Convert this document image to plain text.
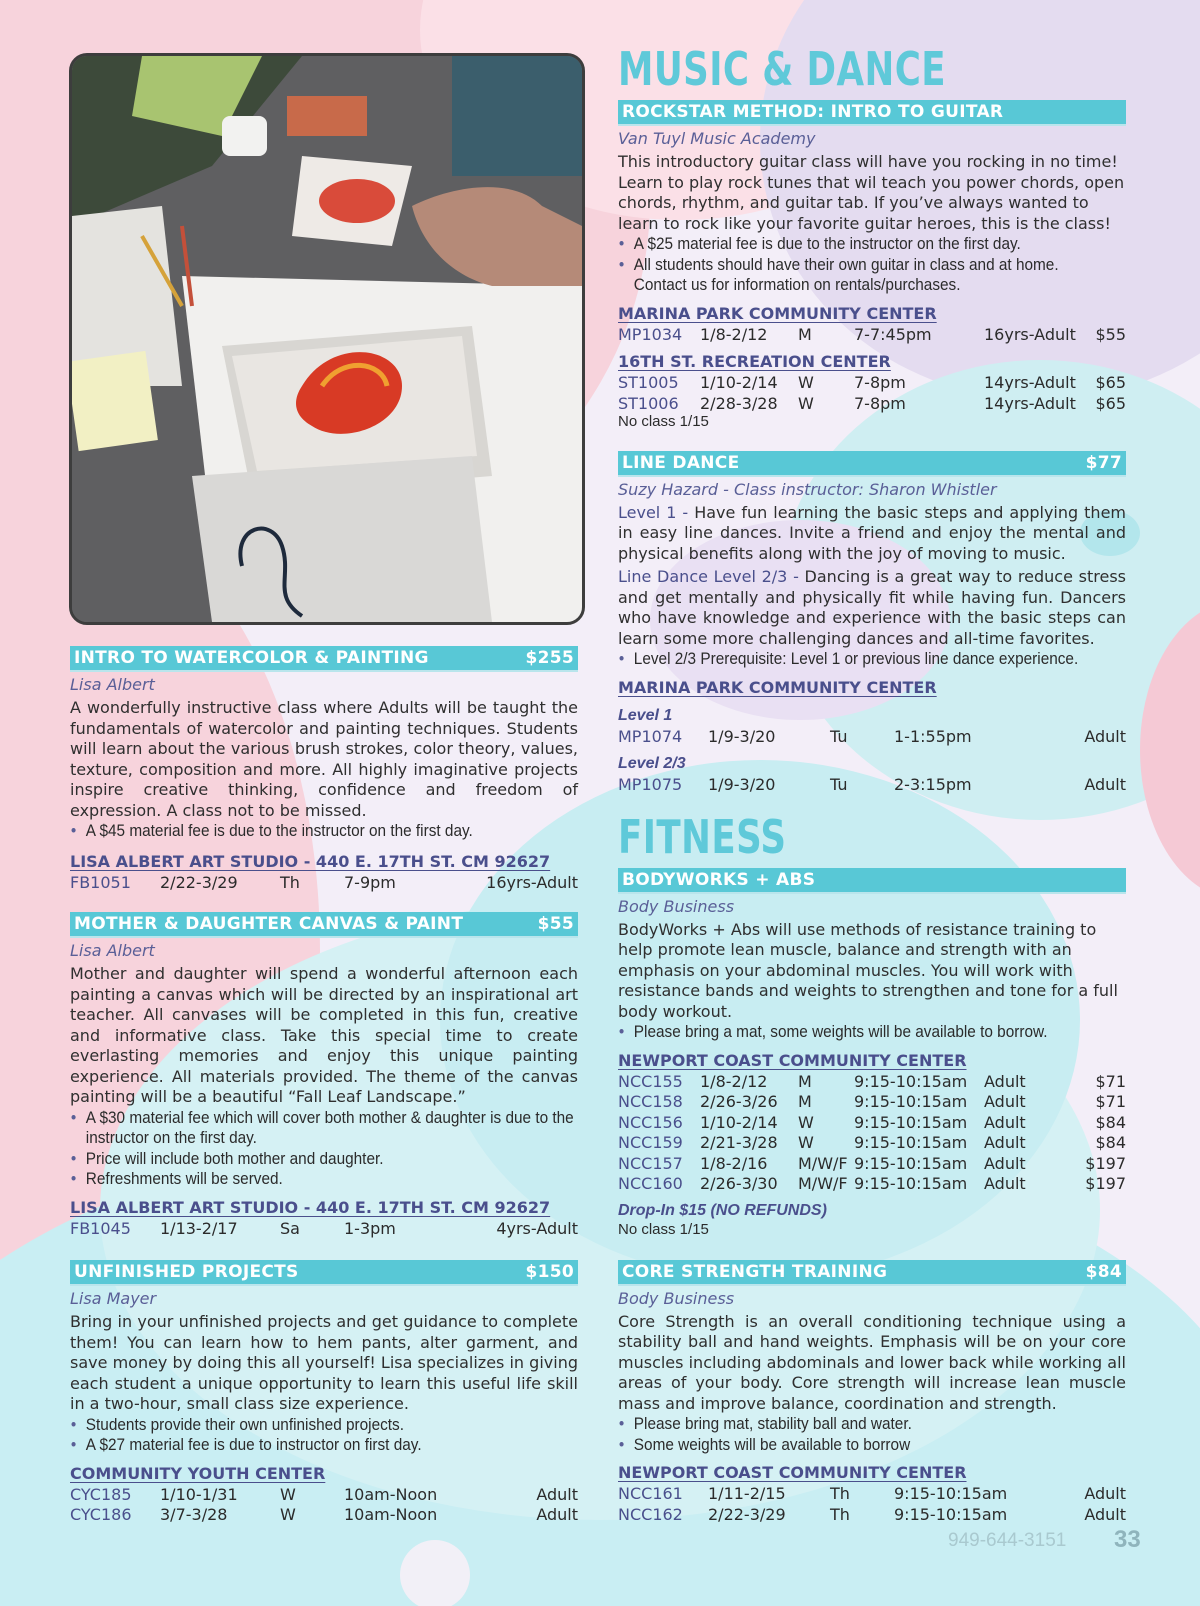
INTRO TO WATERCOLOR & PAINTING	$255
Lisa Albert

A wonderfully instructive class where Adults will be taught the fundamentals of watercolor and painting techniques. Students will learn about the various brush strokes, color theory, values, texture, composition and more. All highly imaginative projects inspire creative thinking, confidence and freedom of expression. A class not to be missed.

• A $45 material fee is due to the instructor on the first day.
LISA ALBERT ART STUDIO - 440 E. 17TH ST. CM 92627
FB1051	2/22-3/29	Th	7-9pm	16yrs-Adult
MOTHER & DAUGHTER CANVAS & PAINT	$55
Lisa Albert

Mother and daughter will spend a wonderful afternoon each painting a canvas which will be directed by an inspirational art teacher. All canvases will be completed in this fun, creative and informative class. Take this special time to create everlasting memories and enjoy this unique painting experience. All materials provided. The theme of the canvas painting will be a beautiful “Fall Leaf Landscape.”

• A $30 material fee which will cover both mother & daughter is due to the instructor on the first day.
• Price will include both mother and daughter.
• Refreshments will be served.
LISA ALBERT ART STUDIO - 440 E. 17TH ST. CM 92627
FB1045	1/13-2/17	Sa	1-3pm	4yrs-Adult
UNFINISHED PROJECTS	$150
Lisa Mayer

Bring in your unfinished projects and get guidance to complete them! You can learn how to hem pants, alter garment, and save money by doing this all yourself! Lisa specializes in giving each student a unique opportunity to learn this useful life skill in a two-hour, small class size experience.

• Students provide their own unfinished projects.
• A $27 material fee is due to instructor on first day.
COMMUNITY YOUTH CENTER
CYC185	1/10-1/31	W	10am-Noon	Adult
CYC186	3/7-3/28	W	10am-Noon	Adult
MUSIC & DANCE
ROCKSTAR METHOD: INTRO TO GUITAR
Van Tuyl Music Academy

This introductory guitar class will have you rocking in no time! Learn to play rock tunes that wil teach you power chords, open chords, rhythm, and guitar tab. If you’ve always wanted to learn to rock like your favorite guitar heroes, this is the class!

• A $25 material fee is due to the instructor on the first day.
• All students should have their own guitar in class and at home. Contact us for information on rentals/purchases.
MARINA PARK COMMUNITY CENTER
MP1034	1/8-2/12	M	7-7:45pm	16yrs-Adult	$55
16TH ST. RECREATION CENTER
ST1005	1/10-2/14	W	7-8pm	14yrs-Adult	$65
ST1006	2/28-3/28	W	7-8pm	14yrs-Adult	$65
No class 1/15
LINE DANCE	$77
Suzy Hazard - Class instructor: Sharon Whistler

Level 1 - Have fun learning the basic steps and applying them in easy line dances. Invite a friend and enjoy the mental and physical benefits along with the joy of moving to music.

Line Dance Level 2/3 - Dancing is a great way to reduce stress and get mentally and physically fit while having fun. Dancers who have knowledge and experience with the basic steps can learn some more challenging dances and all-time favorites.

• Level 2/3 Prerequisite: Level 1 or previous line dance experience.
MARINA PARK COMMUNITY CENTER
Level 1
MP1074	1/9-3/20	Tu	1-1:55pm	Adult
Level 2/3
MP1075	1/9-3/20	Tu	2-3:15pm	Adult
FITNESS
BODYWORKS + ABS
Body Business

BodyWorks + Abs will use methods of resistance training to help promote lean muscle, balance and strength with an emphasis on your abdominal muscles. You will work with resistance bands and weights to strengthen and tone for a full body workout.

• Please bring a mat, some weights will be available to borrow.
NEWPORT COAST COMMUNITY CENTER
NCC155	1/8-2/12	M	9:15-10:15am	Adult	$71
NCC158	2/26-3/26	M	9:15-10:15am	Adult	$71
NCC156	1/10-2/14	W	9:15-10:15am	Adult	$84
NCC159	2/21-3/28	W	9:15-10:15am	Adult	$84
NCC157	1/8-2/16	M/W/F 9:15-10:15am	Adult	$197
NCC160	2/26-3/30	M/W/F 9:15-10:15am	Adult	$197
Drop-In $15 (NO REFUNDS)
No class 1/15
CORE STRENGTH TRAINING	$84
Body Business

Core Strength is an overall conditioning technique using a stability ball and hand weights. Emphasis will be on your core muscles including abdominals and lower back while working all areas of your body. Core strength will increase lean muscle mass and improve balance, coordination and strength.

• Please bring mat, stability ball and water.
• Some weights will be available to borrow
NEWPORT COAST COMMUNITY CENTER
NCC161	1/11-2/15	Th	9:15-10:15am	Adult
NCC162	2/22-3/29	Th	9:15-10:15am	Adult
949-644-3151 33
